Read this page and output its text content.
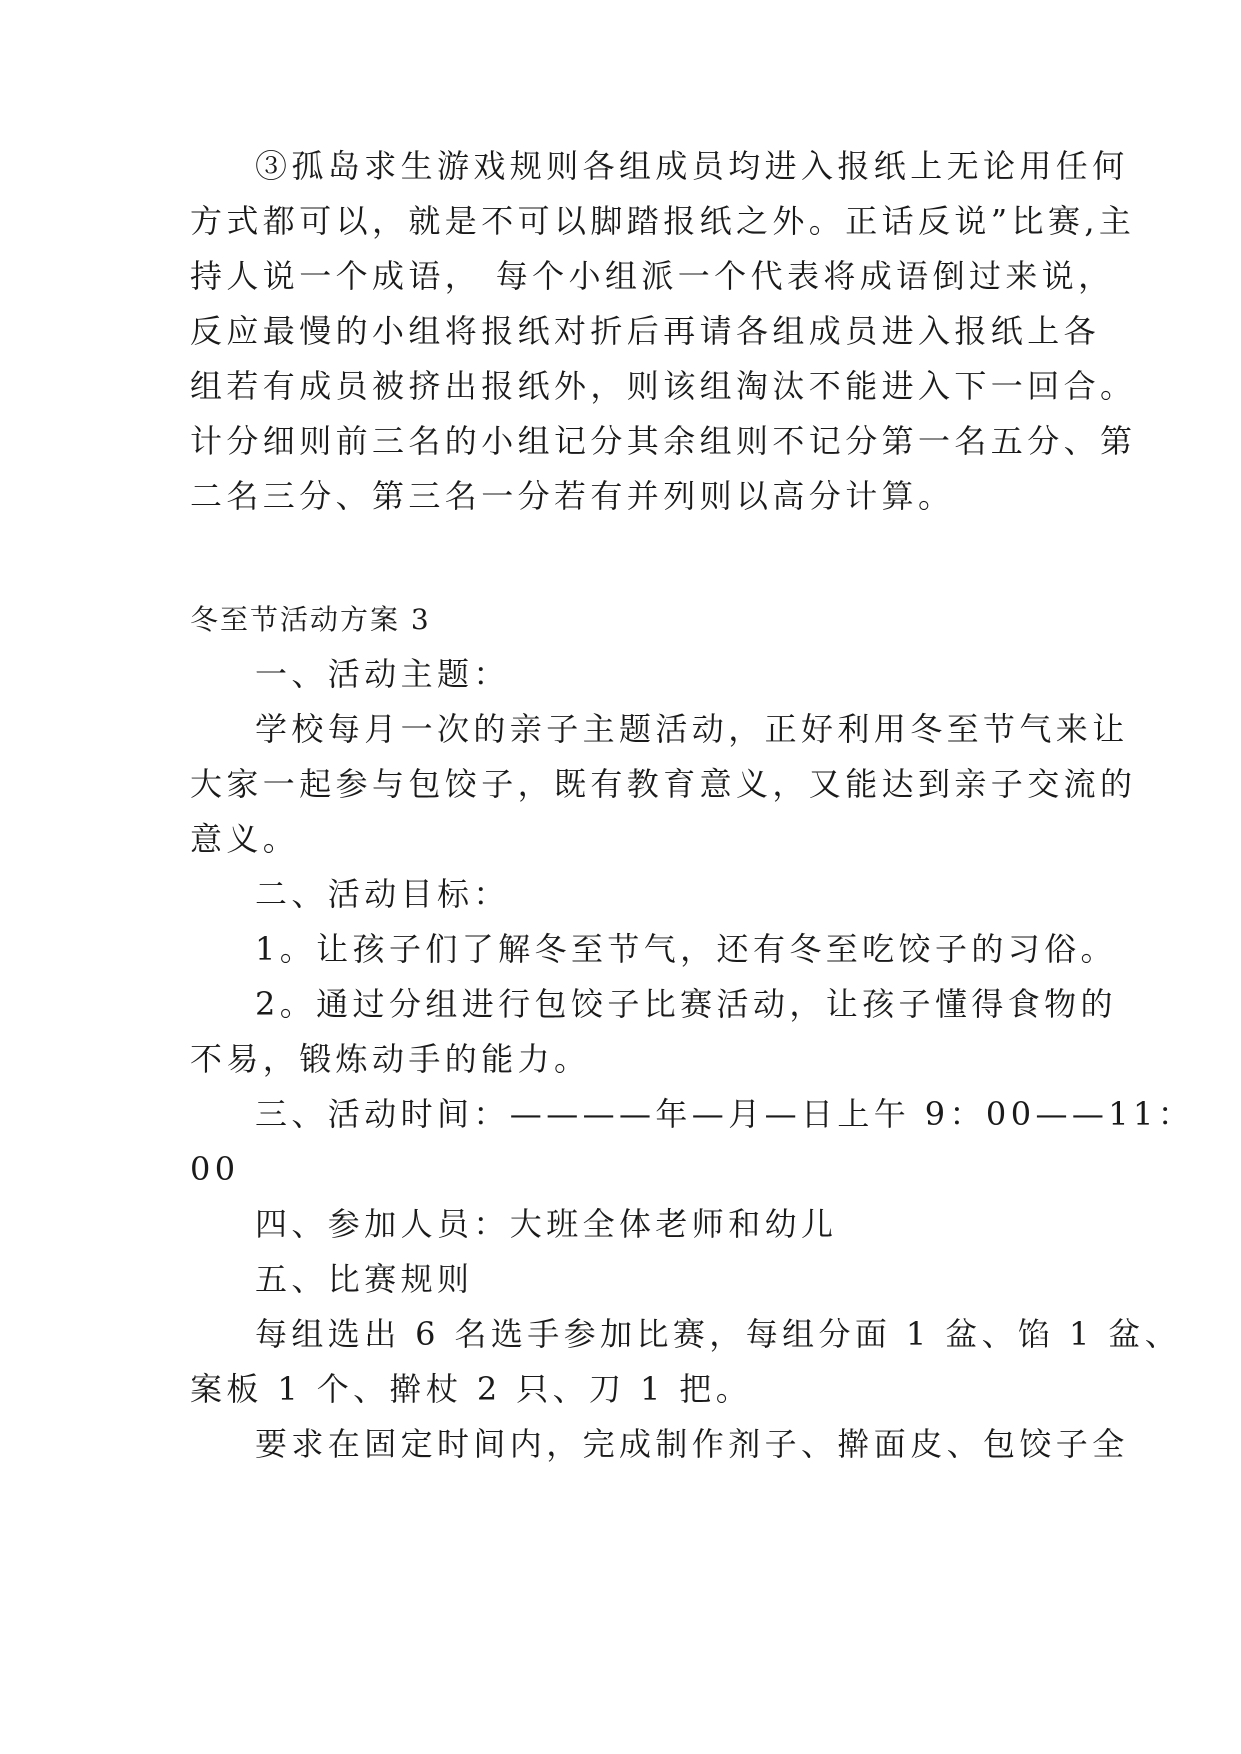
③孤岛求生游戏规则各组成员均进入报纸上无论用任何
方式都可以，就是不可以脚踏报纸之外。正话反说”比赛,主
持人说一个成语， 每个小组派一个代表将成语倒过来说，
反应最慢的小组将报纸对折后再请各组成员进入报纸上各
组若有成员被挤出报纸外，则该组淘汰不能进入下一回合。
计分细则前三名的小组记分其余组则不记分第一名五分、第
二名三分、第三名一分若有并列则以高分计算。
冬至节活动方案 3
一、活动主题：
学校每月一次的亲子主题活动，正好利用冬至节气来让
大家一起参与包饺子，既有教育意义，又能达到亲子交流的
意义。
二、活动目标：
1。让孩子们了解冬至节气，还有冬至吃饺子的习俗。
2。通过分组进行包饺子比赛活动，让孩子懂得食物的
不易，锻炼动手的能力。
三、活动时间：————年—月—日上午 9：00——11：
00
四、参加人员：大班全体老师和幼儿
五、比赛规则
每组选出 6 名选手参加比赛，每组分面 1 盆、馅 1 盆、
案板 1 个、擀杖 2 只、刀 1 把。
要求在固定时间内，完成制作剂子、擀面皮、包饺子全
